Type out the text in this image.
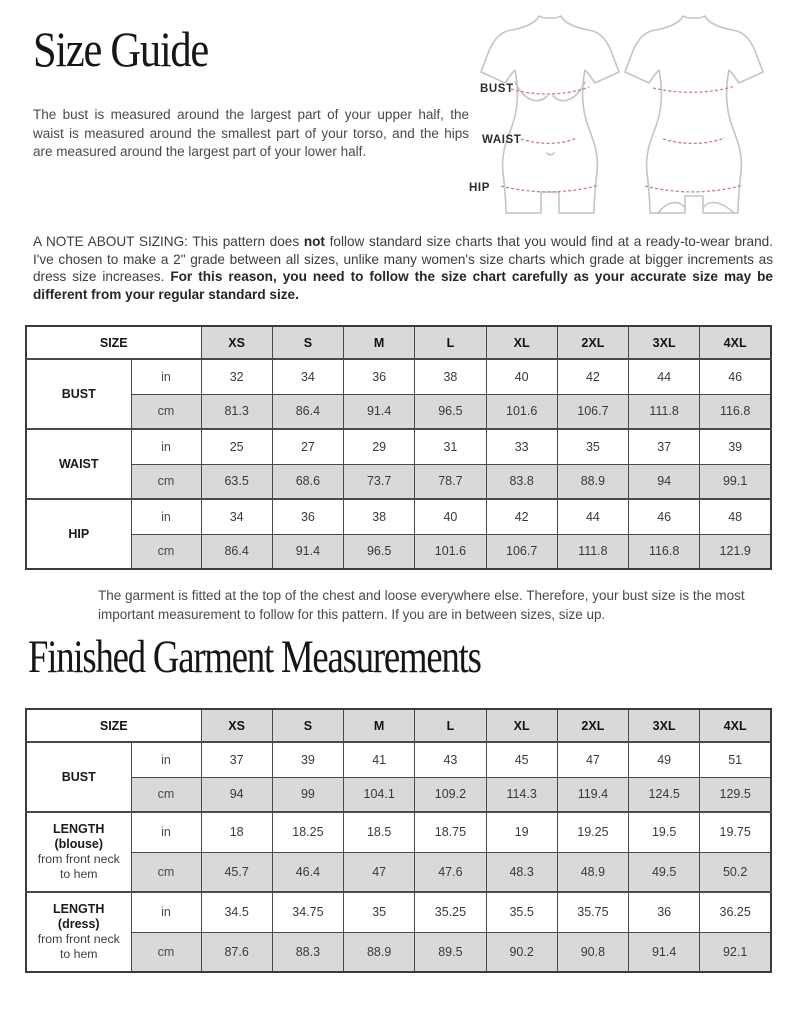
Size Guide

The bust is measured around the largest part of your upper half, the waist is measured around the smallest part of your torso, and the hips are measured around the largest part of your lower half.

BUST
WAIST
HIP

A NOTE ABOUT SIZING: This pattern does not follow standard size charts that you would find at a ready-to-wear brand. I've chosen to make a 2" grade between all sizes, unlike many women's size charts which grade at bigger increments as dress size increases. For this reason, you need to follow the size chart carefully as your accurate size may be different from your regular standard size.

SIZE		XS	S	M	L	XL	2XL	3XL	4XL

BUST	in	32	34	36	38	40	42	44	46
	cm	81.3	86.4	91.4	96.5	101.6	106.7	111.8	116.8

WAIST	in	25	27	29	31	33	35	37	39
	cm	63.5	68.6	73.7	78.7	83.8	88.9	94	99.1

HIP	in	34	36	38	40	42	44	46	48
	cm	86.4	91.4	96.5	101.6	106.7	111.8	116.8	121.9

The garment is fitted at the top of the chest and loose everywhere else. Therefore, your bust size is the most important measurement to follow for this pattern. If you are in between sizes, size up.

Finished Garment Measurements
SIZE		XS	S	M	L	XL	2XL	3XL	4XL

BUST	in	37	39	41	43	45	47	49	51
	cm	94	99	104.1	109.2	114.3	119.4	124.5	129.5

LENGTH
(blouse)
from front neck
to hem	in	18	18.25	18.5	18.75	19	19.25	19.5	19.75
	cm	45.7	46.4	47	47.6	48.3	48.9	49.5	50.2

LENGTH
(dress)
from front neck
to hem	in	34.5	34.75	35	35.25	35.5	35.75	36	36.25
	cm	87.6	88.3	88.9	89.5	90.2	90.8	91.4	92.1
